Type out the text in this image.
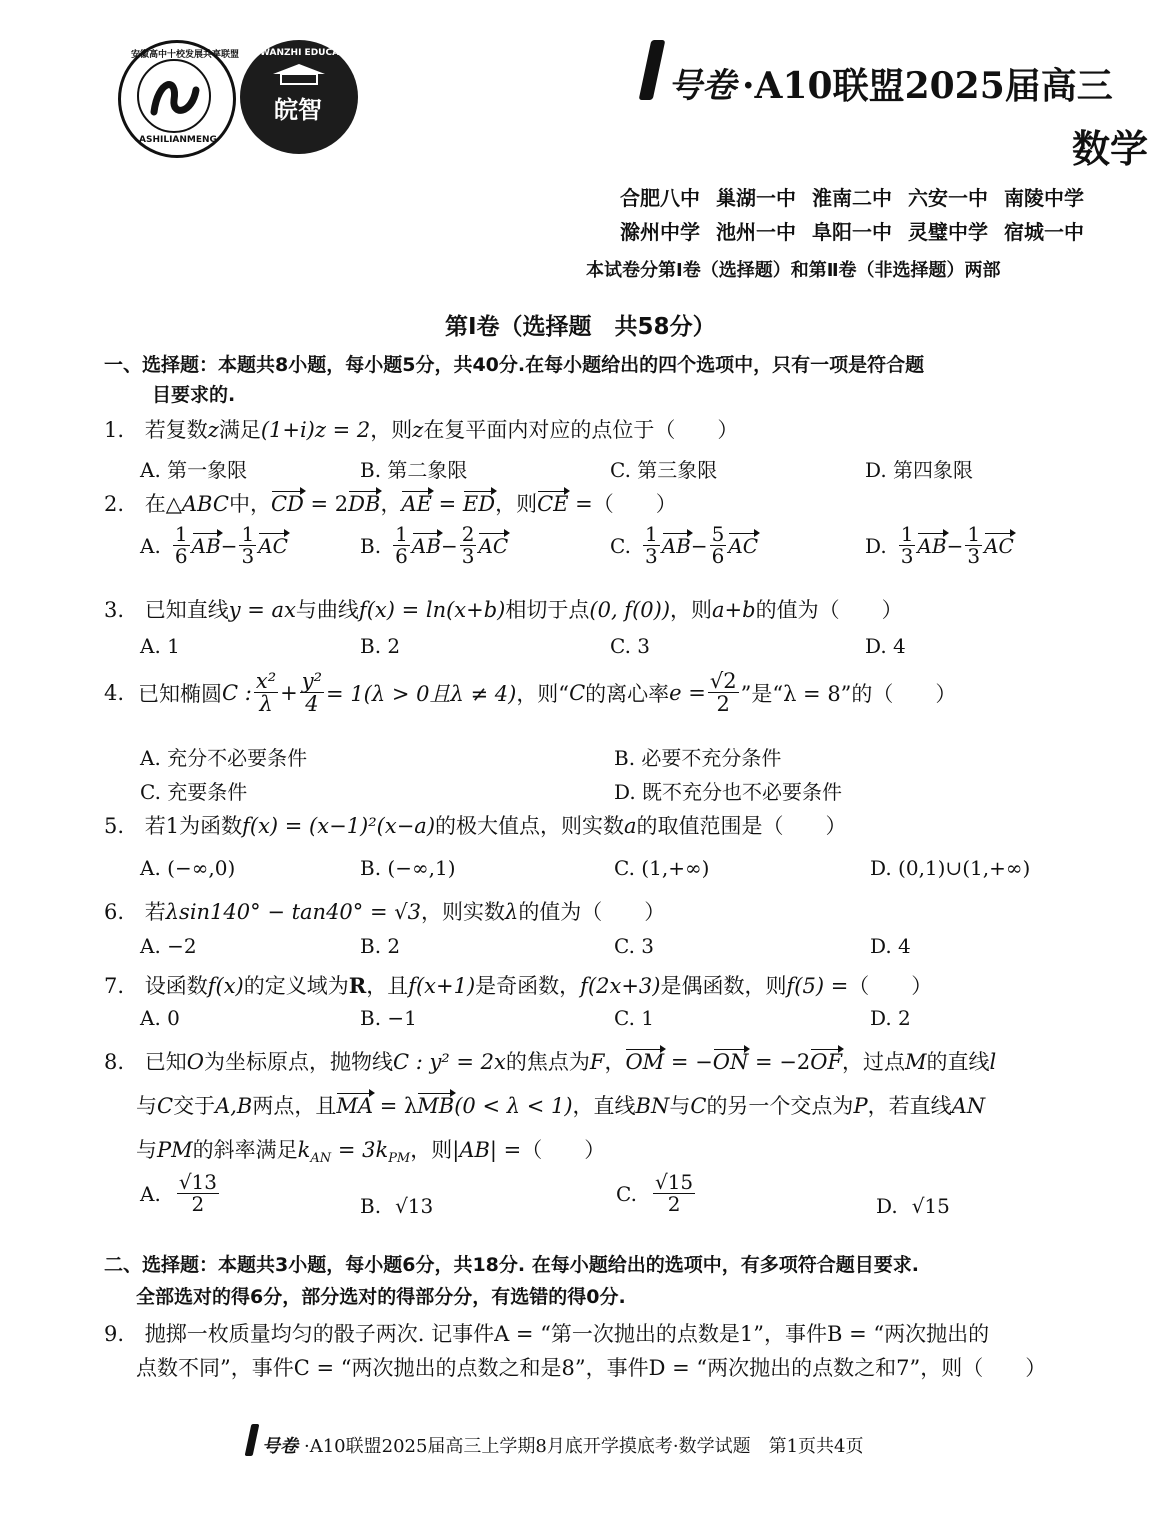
安徽高中十校发展共享联盟
ASHILIANMENG
WANZHI EDUCATION
皖智
号卷 ·A10联盟2025届高三
数学
合肥八中 巢湖一中 淮南二中 六安一中 南陵中学
滁州中学 池州一中 阜阳一中 灵璧中学 宿城一中
本试卷分第Ⅰ卷（选择题）和第Ⅱ卷（非选择题）两部
第Ⅰ卷（选择题　共58分）
一、选择题：本题共8小题，每小题5分，共40分.在每小题给出的四个选项中，只有一项是符合题
目要求的.
1. 若复数z满足(1+i)z = 2，则z在复平面内对应的点位于（　　）
A. 第一象限	B. 第二象限	C. 第三象限	D. 第四象限
2. 在△ABC中，CD = 2DB，AE = ED，则CE =（　　）
A. $\frac{1}{6}$ AB − $\frac{1}{3}$ AC	B. $\frac{1}{6}$ AB − $\frac{2}{3}$ AC	C. $\frac{1}{3}$ AB − $\frac{5}{6}$ AC	D. $\frac{1}{3}$ AB − $\frac{1}{3}$ AC
3. 已知直线y = ax与曲线f(x) = ln(x+b)相切于点(0, f(0))，则a+b的值为（　　）
A. 1	B. 2	C. 3	D. 4
4. 已知椭圆 C : $\frac{\text{x²}}{\lambda} + \frac{\text{y²}}{4} = 1(\lambda > 0$且λ ≠ 4) ，则“ C 的离心率 $e = \frac{√2}{2}$ ”是“λ = 8”的（　　）
A. 充分不必要条件	B. 必要不充分条件
C. 充要条件	D. 既不充分也不必要条件
5. 若1为函数f(x) = (x−1)²(x−a)的极大值点，则实数a的取值范围是（　　）
A. (−∞,0)	B. (−∞,1)	C. (1,+∞)	D. (0,1)∪(1,+∞)
6. 若λsin140° − tan40° = √3，则实数λ的值为（　　）
A. −2	B. 2	C. 3	D. 4
7. 设函数f(x)的定义域为R，且f(x+1)是奇函数，f(2x+3)是偶函数，则f(5) =（　　）
A. 0	B. −1	C. 1	D. 2
8. 已知O为坐标原点，抛物线C : y² = 2x的焦点为F，OM = −ON = −2OF，过点M的直线l
与C交于A,B两点，且MA = λMB(0 < λ < 1)，直线BN与C的另一个交点为P，若直线AN
与PM的斜率满足$k_{AN} = 3k_{PM}$，则|AB| =（　　）
A. $\frac{√13}{2}$	B. √13
C. $\frac{√15}{2}$	D. √15
二、选择题：本题共3小题，每小题6分，共18分. 在每小题给出的选项中，有多项符合题目要求.
全部选对的得6分，部分选对的得部分分，有选错的得0分.
9. 抛掷一枚质量均匀的骰子两次. 记事件A = “第一次抛出的点数是1”，事件B = “两次抛出的
点数不同”，事件C = “两次抛出的点数之和是8”，事件D = “两次抛出的点数之和7”，则（　　）
号卷 ·A10联盟2025届高三上学期8月底开学摸底考·数学试题　第1页共4页
